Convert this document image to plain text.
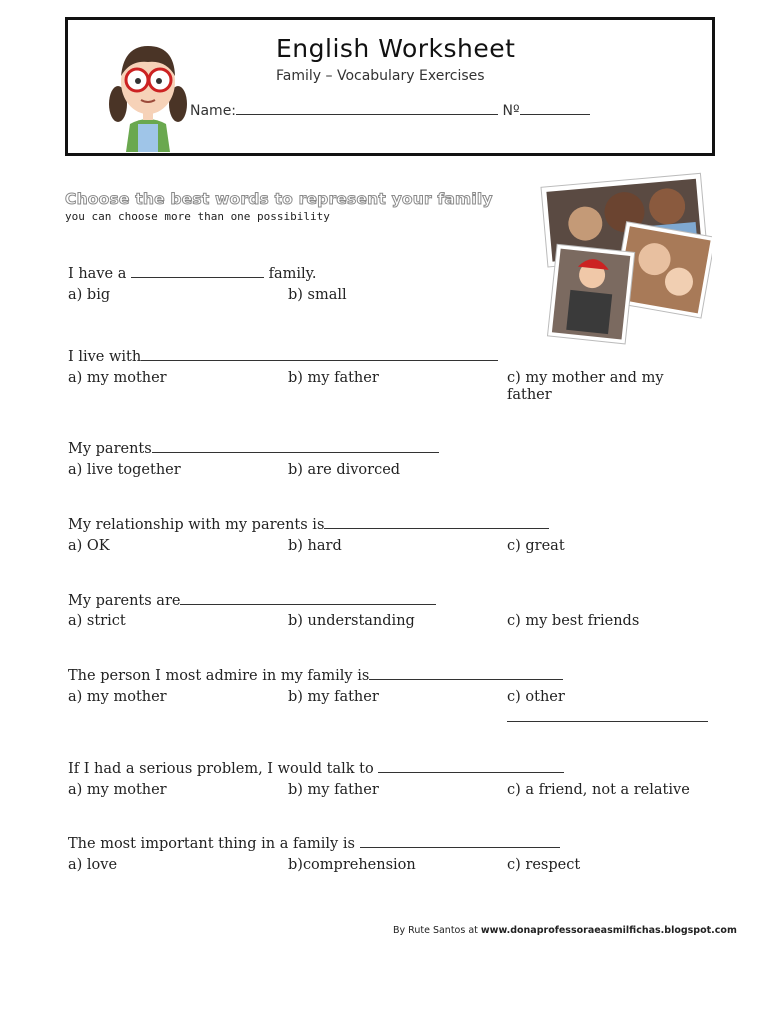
English Worksheet
Family – Vocabulary Exercises
Name:	Nº
Choose the best words to represent your family
you can choose more than one possibility
I have a	family.
a) big	b) small
I live with
a) my mother	b) my father	c) my mother and my father
My parents
a) live together	b) are divorced
My relationship with my parents is
a) OK	b) hard	c) great
My parents are
a) strict	b) understanding	c) my best friends
The person I most admire in my family is
a) my mother	b) my father	c) other
If I had a serious problem, I would talk to
a) my mother	b) my father	c) a friend, not a relative
The most important thing in a family is
a) love	b)comprehension	c) respect
By Rute Santos at www.donaprofessoraeasmilfichas.blogspot.com
